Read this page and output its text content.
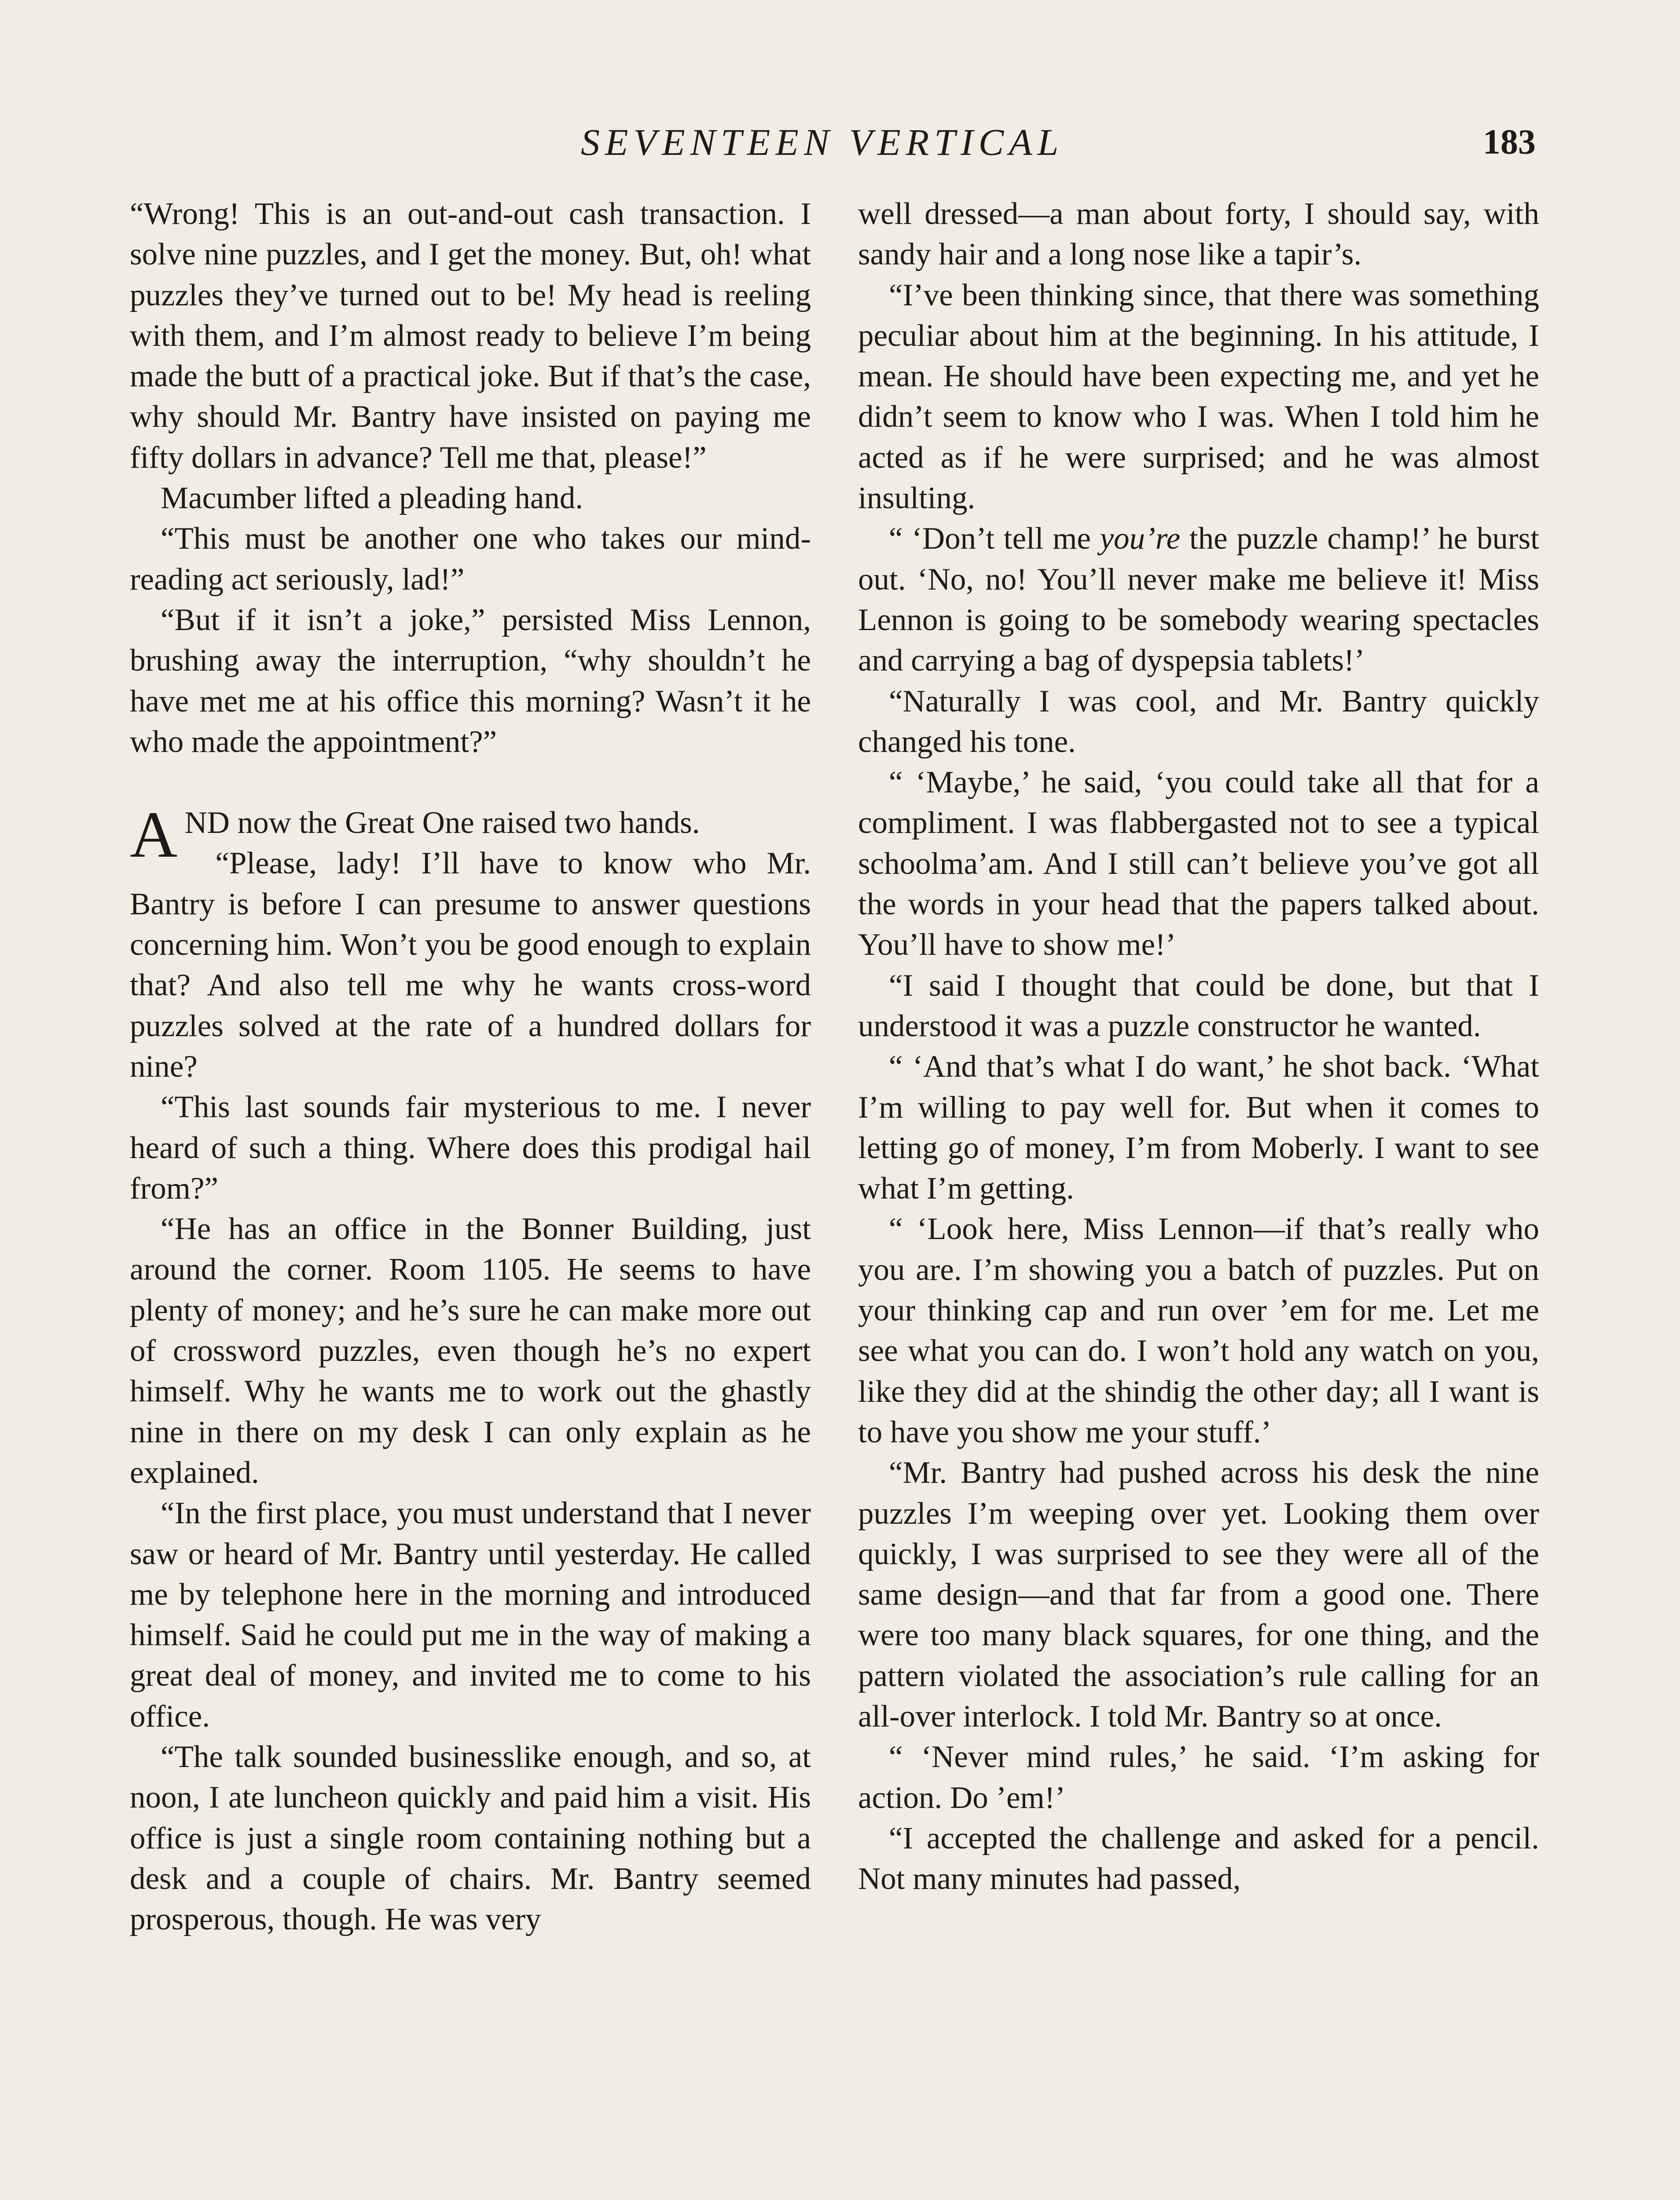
SEVENTEEN VERTICAL	183

“Wrong! This is an out-and-out cash transaction. I solve nine puzzles, and I get the money. But, oh! what puzzles they’ve turned out to be! My head is reeling with them, and I’m almost ready to believe I’m being made the butt of a practical joke. But if that’s the case, why should Mr. Bantry have insisted on paying me fifty dollars in advance? Tell me that, please!”

Macumber lifted a pleading hand.

“This must be another one who takes our mind-reading act seriously, lad!”

“But if it isn’t a joke,” persisted Miss Lennon, brushing away the interruption, “why shouldn’t he have met me at his office this morning? Wasn’t it he who made the appointment?”

AND now the Great One raised two hands.

“Please, lady! I’ll have to know who Mr. Bantry is before I can presume to answer questions concerning him. Won’t you be good enough to explain that? And also tell me why he wants cross-word puzzles solved at the rate of a hundred dollars for nine?

“This last sounds fair mysterious to me. I never heard of such a thing. Where does this prodigal hail from?”

“He has an office in the Bonner Building, just around the corner. Room 1105. He seems to have plenty of money; and he’s sure he can make more out of crossword puzzles, even though he’s no expert himself. Why he wants me to work out the ghastly nine in there on my desk I can only explain as he explained.

“In the first place, you must understand that I never saw or heard of Mr. Bantry until yesterday. He called me by telephone here in the morning and introduced himself. Said he could put me in the way of making a great deal of money, and invited me to come to his office.

“The talk sounded businesslike enough, and so, at noon, I ate luncheon quickly and paid him a visit. His office is just a single room containing nothing but a desk and a couple of chairs. Mr. Bantry seemed prosperous, though. He was very

well dressed—a man about forty, I should say, with sandy hair and a long nose like a tapir’s.

“I’ve been thinking since, that there was something peculiar about him at the beginning. In his attitude, I mean. He should have been expecting me, and yet he didn’t seem to know who I was. When I told him he acted as if he were surprised; and he was almost insulting.

“ ‘Don’t tell me you’re the puzzle champ!’ he burst out. ‘No, no! You’ll never make me believe it! Miss Lennon is going to be somebody wearing spectacles and carrying a bag of dyspepsia tablets!’

“Naturally I was cool, and Mr. Bantry quickly changed his tone.

“ ‘Maybe,’ he said, ‘you could take all that for a compliment. I was flabbergasted not to see a typical schoolma’am. And I still can’t believe you’ve got all the words in your head that the papers talked about. You’ll have to show me!’

“I said I thought that could be done, but that I understood it was a puzzle constructor he wanted.

“ ‘And that’s what I do want,’ he shot back. ‘What I’m willing to pay well for. But when it comes to letting go of money, I’m from Moberly. I want to see what I’m getting.

“ ‘Look here, Miss Lennon—if that’s really who you are. I’m showing you a batch of puzzles. Put on your thinking cap and run over ’em for me. Let me see what you can do. I won’t hold any watch on you, like they did at the shindig the other day; all I want is to have you show me your stuff.’

“Mr. Bantry had pushed across his desk the nine puzzles I’m weeping over yet. Looking them over quickly, I was surprised to see they were all of the same design—and that far from a good one. There were too many black squares, for one thing, and the pattern violated the association’s rule calling for an all-over interlock. I told Mr. Bantry so at once.

“ ‘Never mind rules,’ he said. ‘I’m asking for action. Do ’em!’

“I accepted the challenge and asked for a pencil. Not many minutes had passed,
